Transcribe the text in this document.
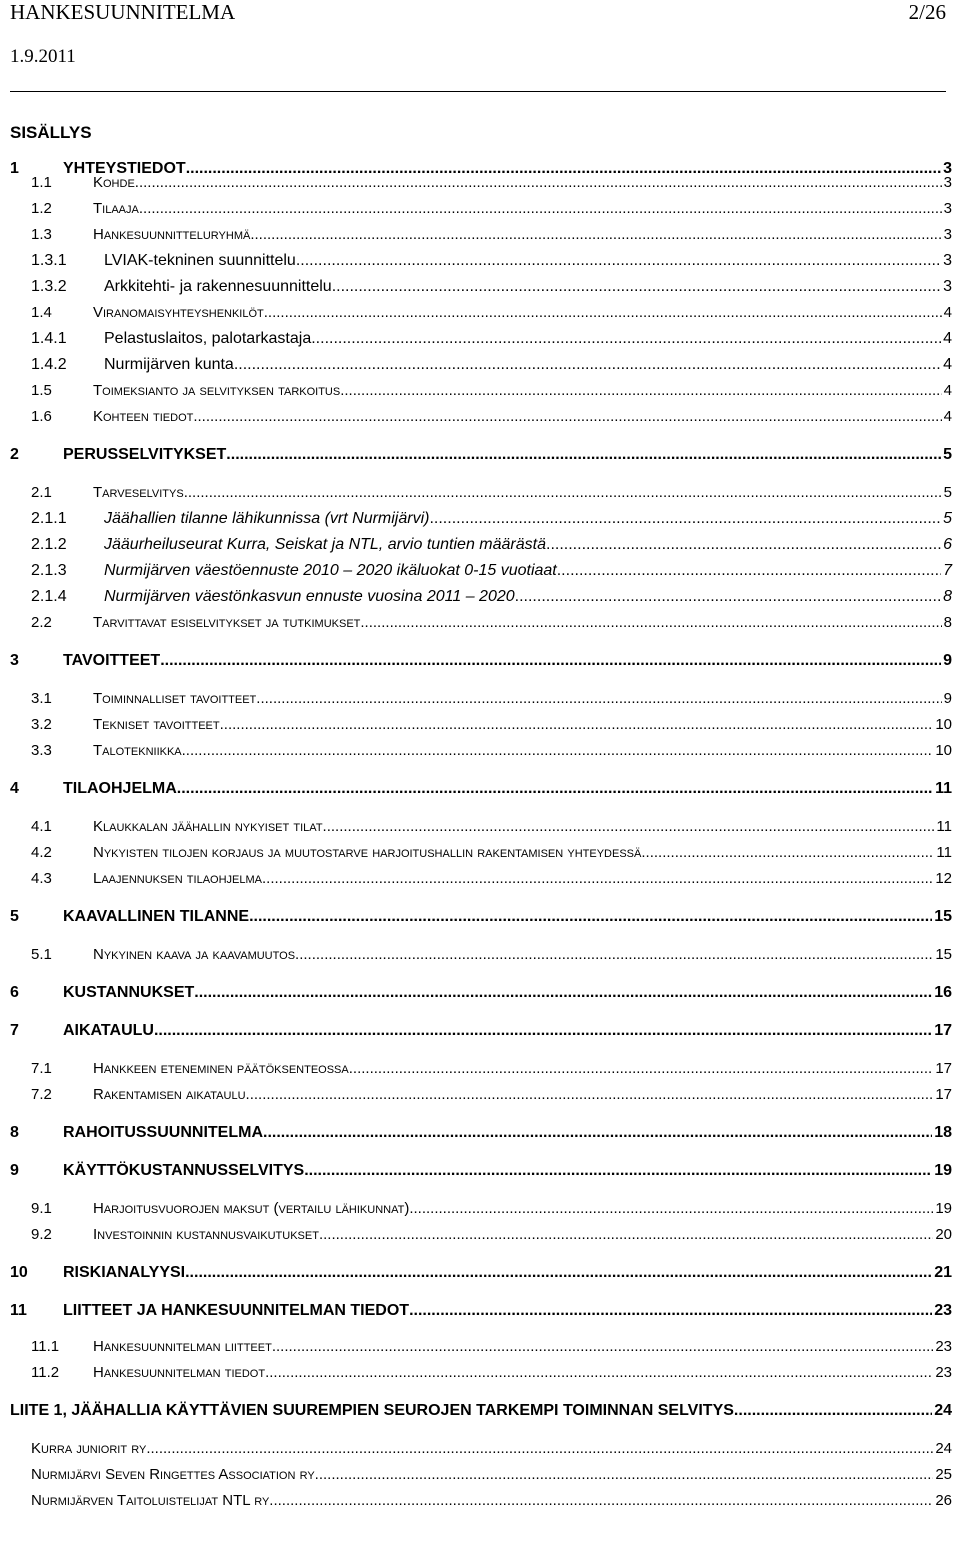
HANKESUUNNITELMA	2/26
1.9.2011
SISÄLLYS
1	YHTEYSTIEDOT .....	3
1.1	Kohde .....	3
1.2	Tilaaja .....	3
1.3	Hankesuunnitteluryhmä .....	3
1.3.1	LVIAK-tekninen suunnittelu .....	3
1.3.2	Arkkitehti- ja rakennesuunnittelu .....	3
1.4	Viranomaisyhteyshenkilöt .....	4
1.4.1	Pelastuslaitos, palotarkastaja .....	4
1.4.2	Nurmijärven kunta .....	4
1.5	Toimeksianto ja selvityksen tarkoitus .....	4
1.6	Kohteen tiedot .....	4
2	PERUSSELVITYKSET .....	5
2.1	Tarveselvitys .....	5
2.1.1	Jäähallien tilanne lähikunnissa (vrt Nurmijärvi) .....	5
2.1.2	Jääurheiluseurat Kurra, Seiskat ja NTL, arvio tuntien määrästä .....	6
2.1.3	Nurmijärven väestöennuste 2010 – 2020 ikäluokat 0-15 vuotiaat .....	7
2.1.4	Nurmijärven väestönkasvun ennuste vuosina 2011 – 2020 .....	8
2.2	Tarvittavat esiselvitykset ja tutkimukset .....	8
3	TAVOITTEET .....	9
3.1	Toiminnalliset tavoitteet .....	9
3.2	Tekniset tavoitteet .....	10
3.3	Talotekniikka .....	10
4	TILAOHJELMA .....	11
4.1	Klaukkalan jäähallin nykyiset tilat .....	11
4.2	Nykyisten tilojen korjaus ja muutostarve harjoitushallin rakentamisen yhteydessä .....	11
4.3	Laajennuksen tilaohjelma .....	12
5	KAAVALLINEN TILANNE .....	15
5.1	Nykyinen kaava ja kaavamuutos .....	15
6	KUSTANNUKSET .....	16
7	AIKATAULU .....	17
7.1	Hankkeen eteneminen päätöksenteossa .....	17
7.2	Rakentamisen aikataulu .....	17
8	RAHOITUSSUUNNITELMA .....	18
9	KÄYTTÖKUSTANNUSSELVITYS .....	19
9.1	Harjoitusvuorojen maksut (vertailu lähikunnat) .....	19
9.2	Investoinnin kustannusvaikutukset .....	20
10	RISKIANALYYSI .....	21
11	LIITTEET JA HANKESUUNNITELMAN TIEDOT .....	23
11.1	Hankesuunnitelman liitteet .....	23
11.2	Hankesuunnitelman tiedot .....	23
LIITE 1, JÄÄHALLIA KÄYTTÄVIEN SUUREMPIEN SEUROJEN TARKEMPI TOIMINNAN SELVITYS .....	24
Kurra juniorit ry .....	24
Nurmijärvi Seven Ringettes Association ry. .....	25
Nurmijärven Taitoluistelijat NTL ry .....	26
